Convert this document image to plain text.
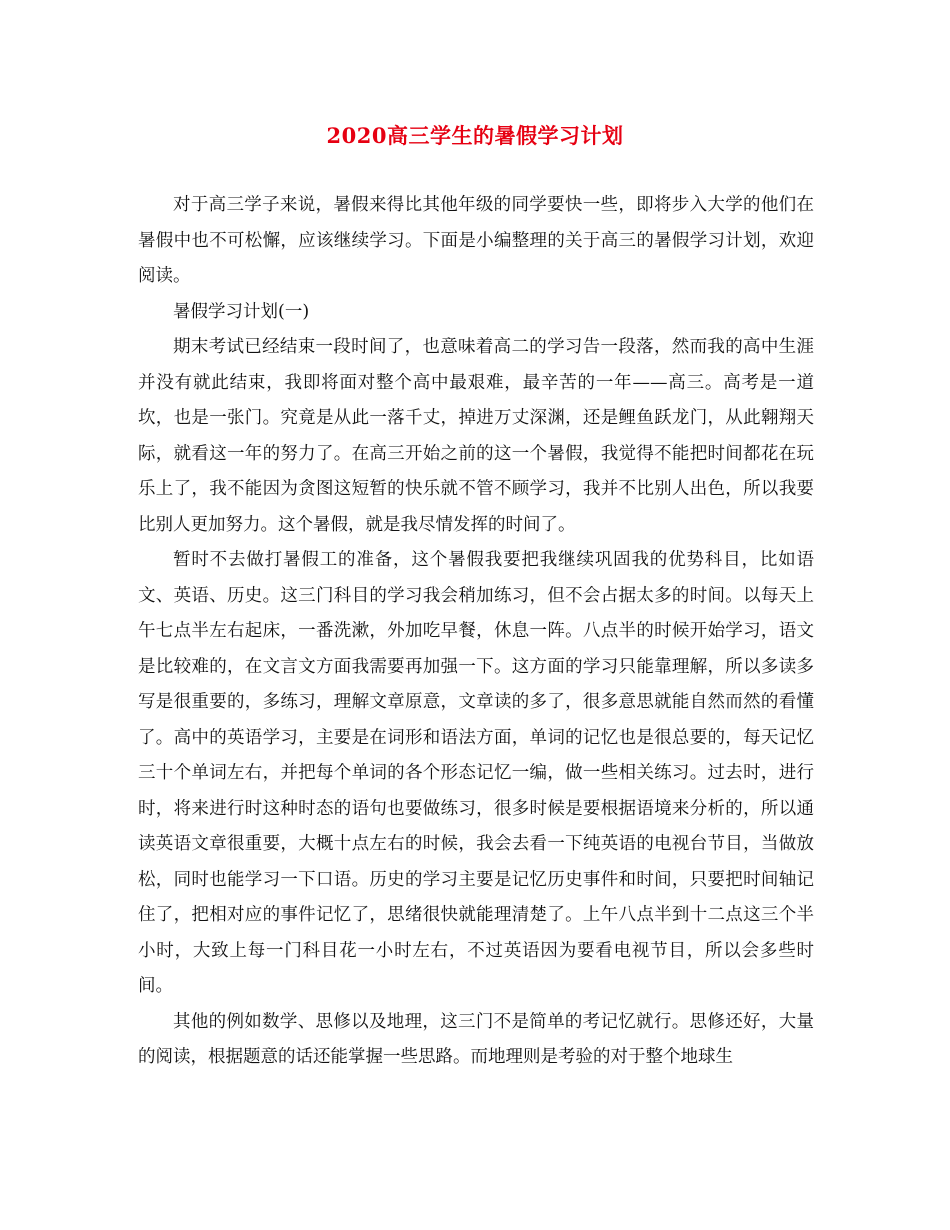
2020高三学生的暑假学习计划

对于高三学子来说，暑假来得比其他年级的同学要快一些，即将步入大学的他们在暑假中也不可松懈，应该继续学习。下面是小编整理的关于高三的暑假学习计划，欢迎阅读。

暑假学习计划(一)

期末考试已经结束一段时间了，也意味着高二的学习告一段落，然而我的高中生涯并没有就此结束，我即将面对整个高中最艰难，最辛苦的一年——高三。高考是一道坎，也是一张门。究竟是从此一落千丈，掉进万丈深渊，还是鲤鱼跃龙门，从此翱翔天际，就看这一年的努力了。在高三开始之前的这一个暑假，我觉得不能把时间都花在玩乐上了，我不能因为贪图这短暂的快乐就不管不顾学习，我并不比别人出色，所以我要比别人更加努力。这个暑假，就是我尽情发挥的时间了。

暂时不去做打暑假工的准备，这个暑假我要把我继续巩固我的优势科目，比如语文、英语、历史。这三门科目的学习我会稍加练习，但不会占据太多的时间。以每天上午七点半左右起床，一番洗漱，外加吃早餐，休息一阵。八点半的时候开始学习，语文是比较难的，在文言文方面我需要再加强一下。这方面的学习只能靠理解，所以多读多写是很重要的，多练习，理解文章原意，文章读的多了，很多意思就能自然而然的看懂了。高中的英语学习，主要是在词形和语法方面，单词的记忆也是很总要的，每天记忆三十个单词左右，并把每个单词的各个形态记忆一编，做一些相关练习。过去时，进行时，将来进行时这种时态的语句也要做练习，很多时候是要根据语境来分析的，所以通读英语文章很重要，大概十点左右的时候，我会去看一下纯英语的电视台节目，当做放松，同时也能学习一下口语。历史的学习主要是记忆历史事件和时间，只要把时间轴记住了，把相对应的事件记忆了，思绪很快就能理清楚了。上午八点半到十二点这三个半小时，大致上每一门科目花一小时左右，不过英语因为要看电视节目，所以会多些时间。

其他的例如数学、思修以及地理，这三门不是简单的考记忆就行。思修还好，大量的阅读，根据题意的话还能掌握一些思路。而地理则是考验的对于整个地球生
